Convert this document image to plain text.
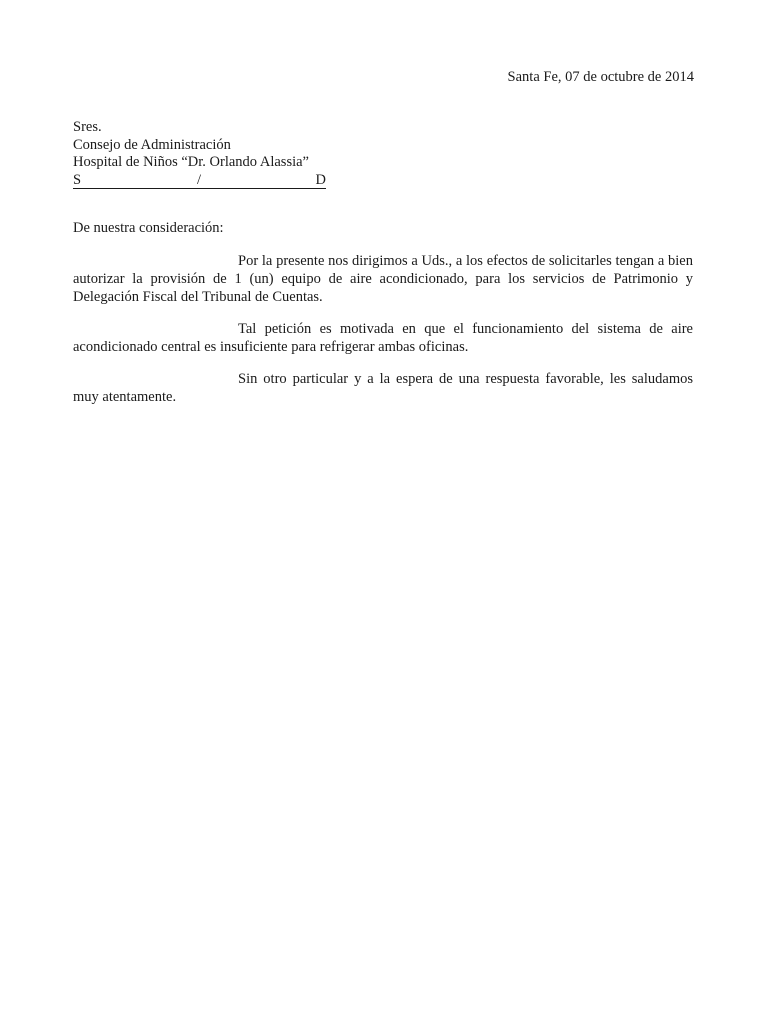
Santa Fe, 07 de octubre de 2014
Sres.
Consejo de Administración
Hospital de Niños “Dr. Orlando Alassia”
S	/	D
De nuestra consideración:

Por la presente nos dirigimos a Uds., a los efectos de solicitarles tengan a bien autorizar la provisión de 1 (un) equipo de aire acondicionado, para los servicios de Patrimonio y Delegación Fiscal del Tribunal de Cuentas.

Tal petición es motivada en que el funcionamiento del sistema de aire acondicionado central es insuficiente para refrigerar ambas oficinas.

Sin otro particular y a la espera de una respuesta favorable, les saludamos muy atentamente.
